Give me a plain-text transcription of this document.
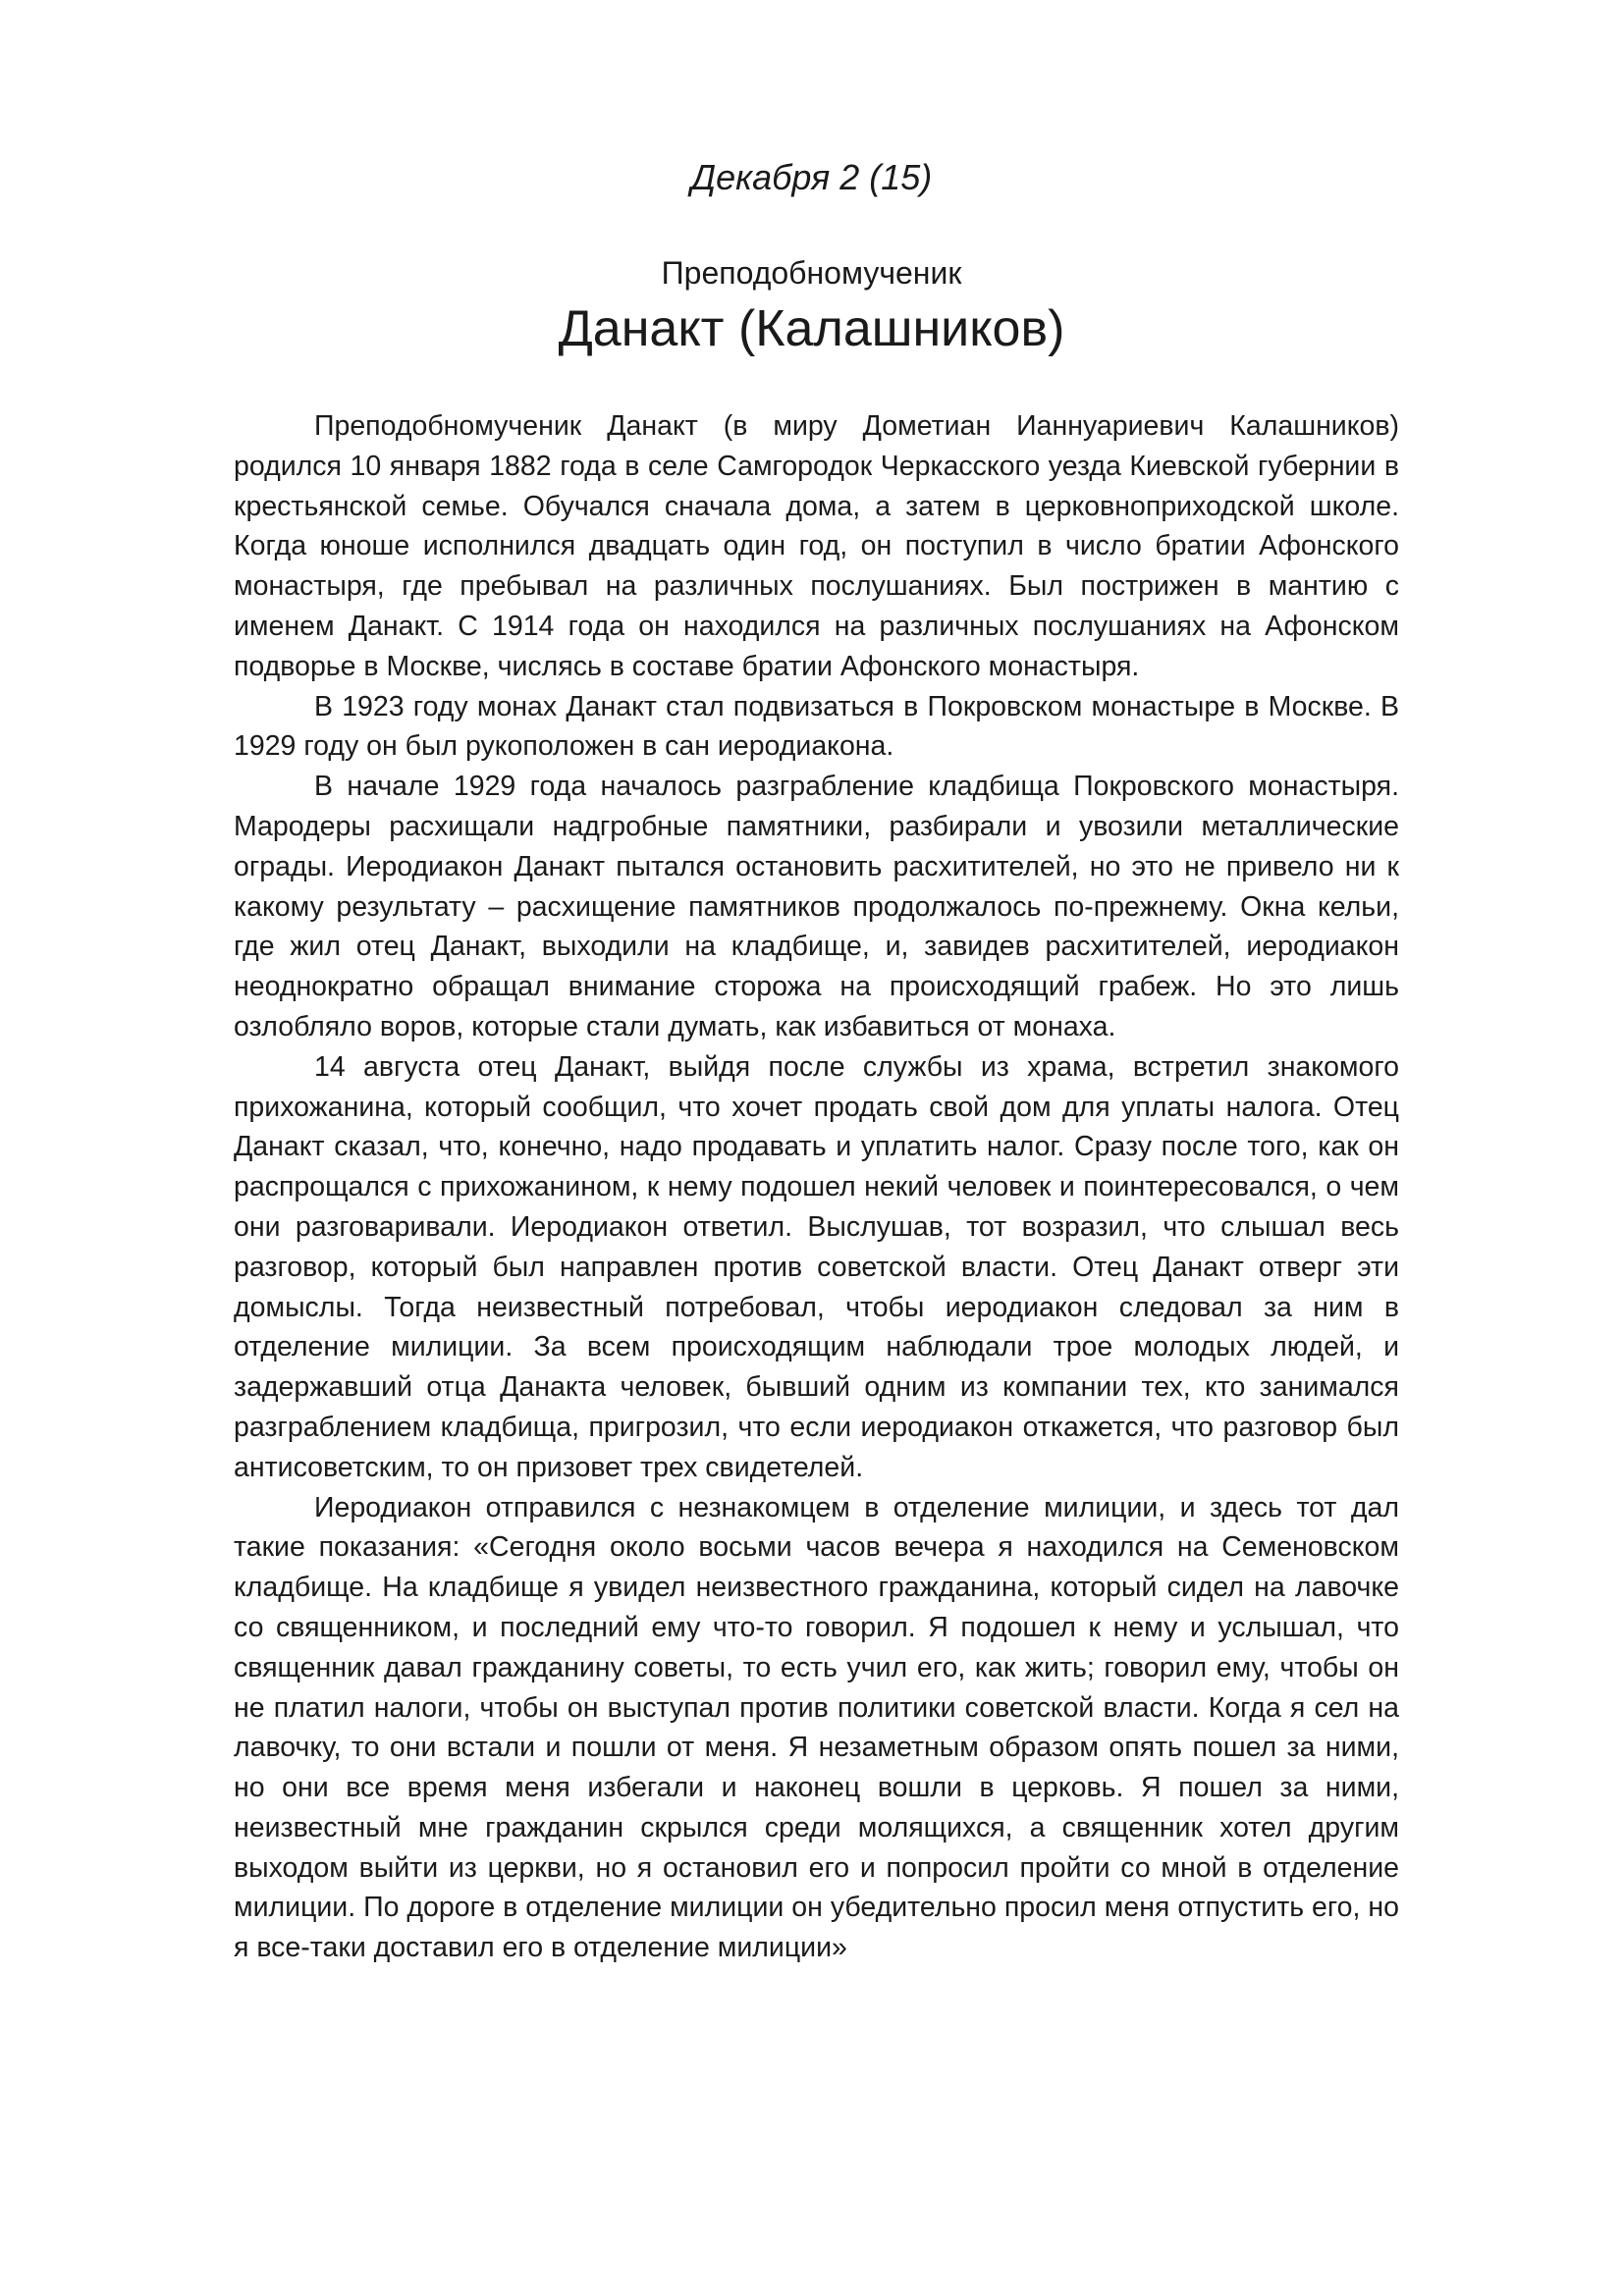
Декабря 2 (15)
Преподобномученик
Данакт (Калашников)

Преподобномученик Данакт (в миру Дометиан Ианнуариевич Калашников) родился 10 января 1882 года в селе Самгородок Черкасского уезда Киевской губернии в крестьянской семье. Обучался сначала дома, а затем в церковноприходской школе. Когда юноше исполнился двадцать один год, он поступил в число братии Афонского монастыря, где пребывал на различных послушаниях. Был пострижен в мантию с именем Данакт. С 1914 года он находился на различных послушаниях на Афонском подворье в Москве, числясь в составе братии Афонского монастыря.

В 1923 году монах Данакт стал подвизаться в Покровском монастыре в Москве. В 1929 году он был рукоположен в сан иеродиакона.

В начале 1929 года началось разграбление кладбища Покровского монастыря. Мародеры расхищали надгробные памятники, разбирали и увозили металлические ограды. Иеродиакон Данакт пытался остановить расхитителей, но это не привело ни к какому результату – расхищение памятников продолжалось по-прежнему. Окна кельи, где жил отец Данакт, выходили на кладбище, и, завидев расхитителей, иеродиакон неоднократно обращал внимание сторожа на происходящий грабеж. Но это лишь озлобляло воров, которые стали думать, как избавиться от монаха.

14 августа отец Данакт, выйдя после службы из храма, встретил знакомого прихожанина, который сообщил, что хочет продать свой дом для уплаты налога. Отец Данакт сказал, что, конечно, надо продавать и уплатить налог. Сразу после того, как он распрощался с прихожанином, к нему подошел некий человек и поинтересовался, о чем они разговаривали. Иеродиакон ответил. Выслушав, тот возразил, что слышал весь разговор, который был направлен против советской власти. Отец Данакт отверг эти домыслы. Тогда неизвестный потребовал, чтобы иеродиакон следовал за ним в отделение милиции. За всем происходящим наблюдали трое молодых людей, и задержавший отца Данакта человек, бывший одним из компании тех, кто занимался разграблением кладбища, пригрозил, что если иеродиакон откажется, что разговор был антисоветским, то он призовет трех свидетелей.

Иеродиакон отправился с незнакомцем в отделение милиции, и здесь тот дал такие показания: «Сегодня около восьми часов вечера я находился на Семеновском кладбище. На кладбище я увидел неизвестного гражданина, который сидел на лавочке со священником, и последний ему что-то говорил. Я подошел к нему и услышал, что священник давал гражданину советы, то есть учил его, как жить; говорил ему, чтобы он не платил налоги, чтобы он выступал против политики советской власти. Когда я сел на лавочку, то они встали и пошли от меня. Я незаметным образом опять пошел за ними, но они все время меня избегали и наконец вошли в церковь. Я пошел за ними, неизвестный мне гражданин скрылся среди молящихся, а священник хотел другим выходом выйти из церкви, но я остановил его и попросил пройти со мной в отделение милиции. По дороге в отделение милиции он убедительно просил меня отпустить его, но я все-таки доставил его в отделение милиции»
